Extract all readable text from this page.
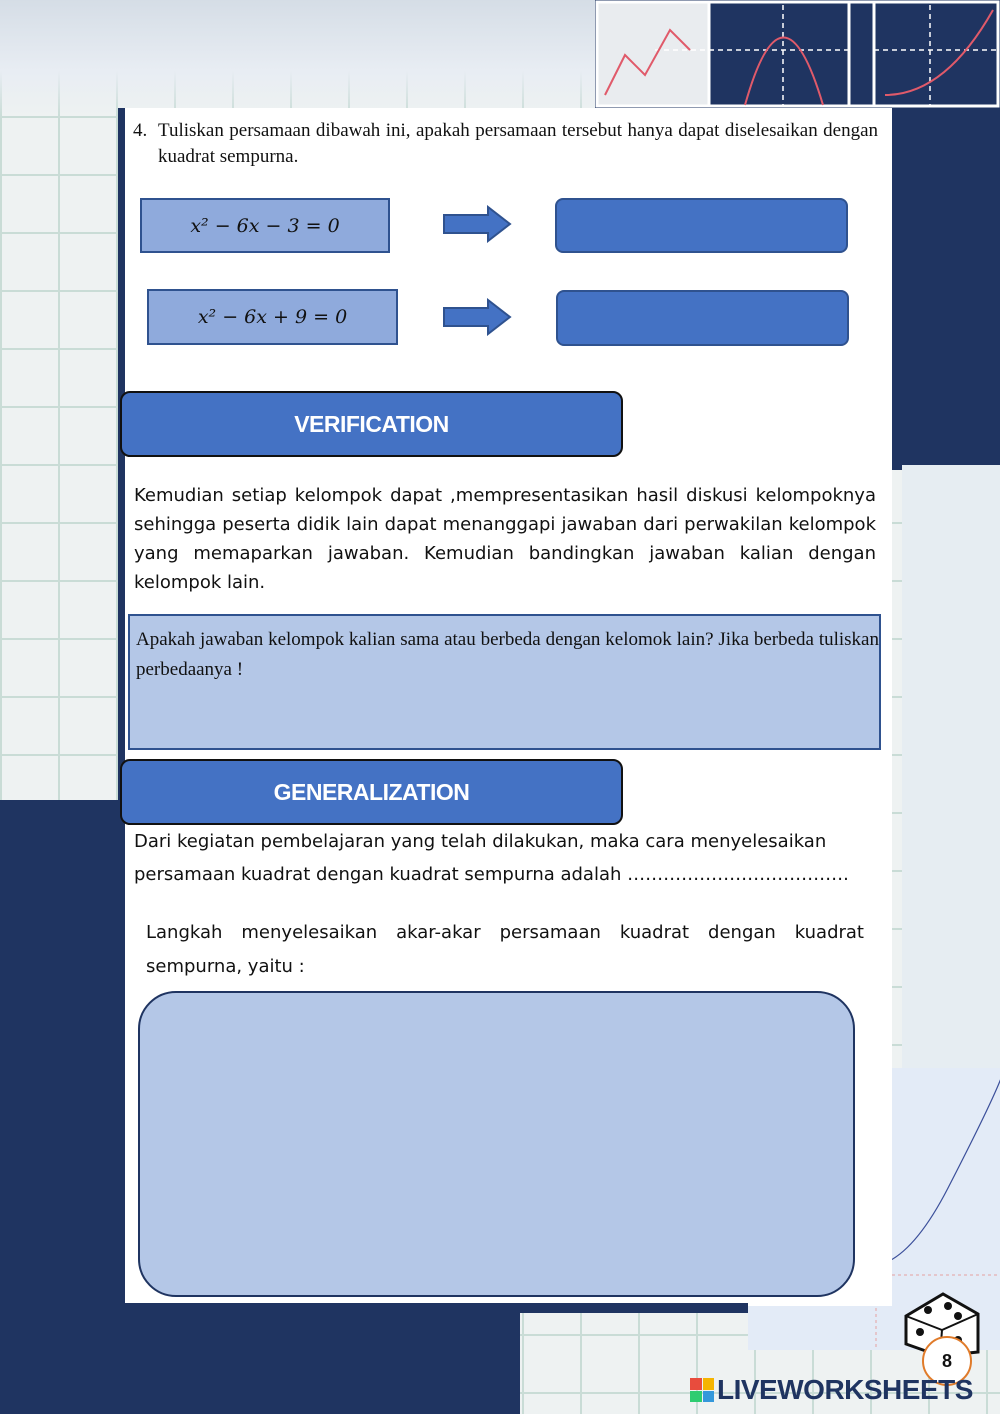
4. Tuliskan persamaan dibawah ini, apakah persamaan tersebut hanya dapat diselesaikan dengan kuadrat sempurna.
x² − 6x − 3 = 0
x² − 6x + 9 = 0
VERIFICATION
Kemudian setiap kelompok dapat ,mempresentasikan hasil diskusi kelompoknya sehingga peserta didik lain dapat menanggapi jawaban dari perwakilan kelompok yang memaparkan jawaban. Kemudian bandingkan jawaban kalian dengan kelompok lain.
Apakah jawaban kelompok kalian sama atau berbeda dengan kelomok lain? Jika berbeda tuliskan perbedaanya !
GENERALIZATION
Dari kegiatan pembelajaran yang telah dilakukan, maka cara menyelesaikan persamaan kuadrat dengan kuadrat sempurna adalah ……………………………….
Langkah menyelesaikan akar-akar persamaan kuadrat dengan kuadrat sempurna, yaitu :
8
LIVEWORKSHEETS
